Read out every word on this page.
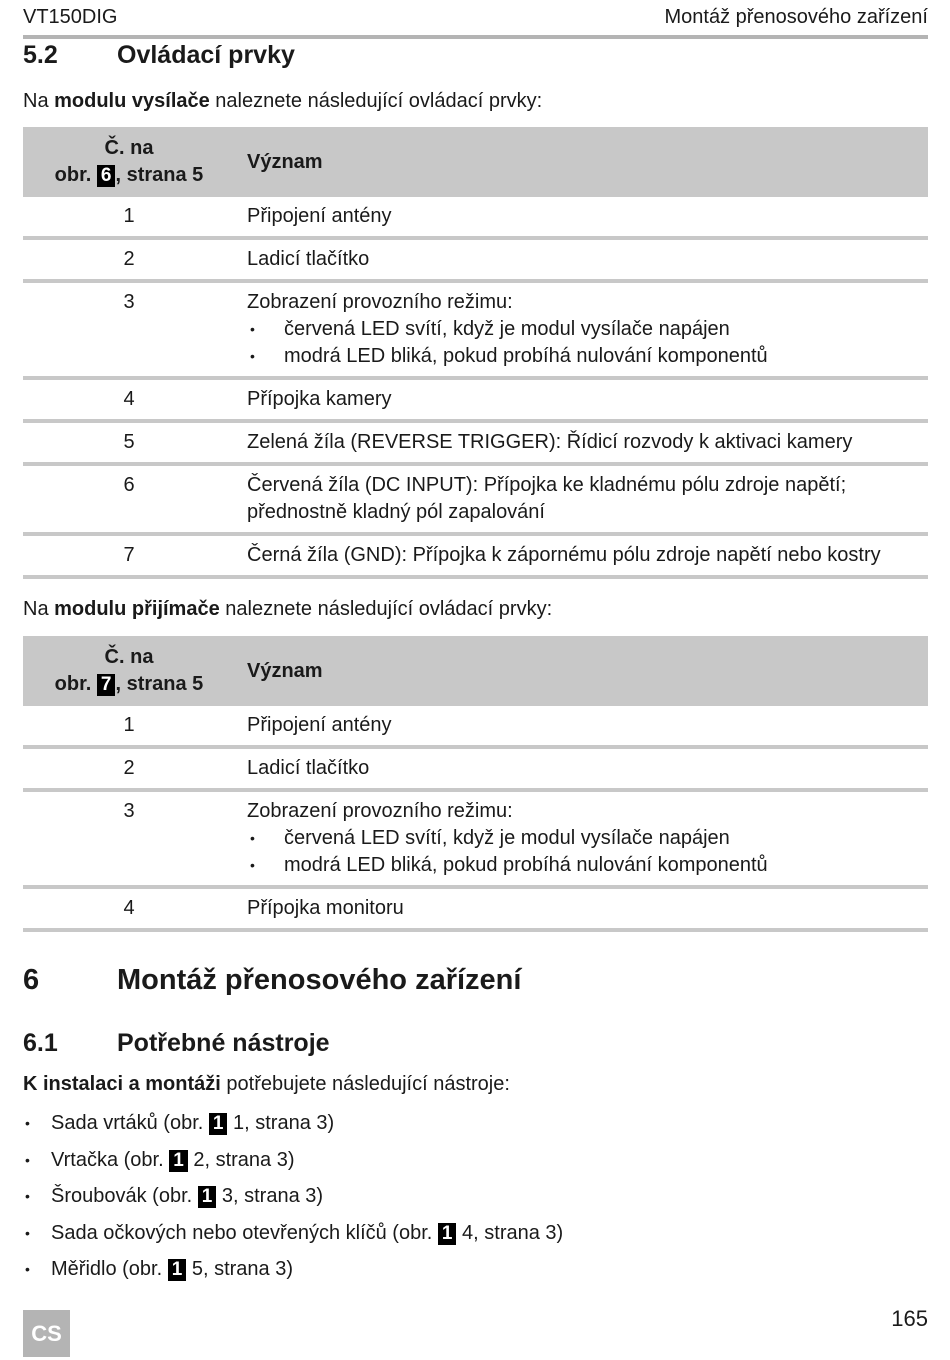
VT150DIG	Montáž přenosového zařízení
5.2 Ovládací prvky
Na modulu vysílače naleznete následující ovládací prvky:
Č. na
obr. 6 , strana 5	Význam
1	Připojení antény

2	Ladicí tlačítko

3	Zobrazení provozního režimu:
• červená LED svítí, když je modul vysílače napájen
• modrá LED bliká, pokud probíhá nulování komponentů

4	Přípojka kamery

5	Zelená žíla (REVERSE TRIGGER): Řídicí rozvody k aktivaci kamery

6	Červená žíla (DC INPUT): Přípojka ke kladnému pólu zdroje napětí;
přednostně kladný pól zapalování

7	Černá žíla (GND): Přípojka k zápornému pólu zdroje napětí nebo kostry
Na modulu přijímače naleznete následující ovládací prvky:
Č. na
obr. 7 , strana 5	Význam
1	Připojení antény

2	Ladicí tlačítko

3	Zobrazení provozního režimu:
• červená LED svítí, když je modul vysílače napájen
• modrá LED bliká, pokud probíhá nulování komponentů

4	Přípojka monitoru
6	Montáž přenosového zařízení
6.1 Potřebné nástroje
K instalaci a montáži potřebujete následující nástroje:
• Sada vrtáků (obr. 1 1, strana 3)
• Vrtačka (obr. 1 2, strana 3)
• Šroubovák (obr. 1 3, strana 3)
• Sada očkových nebo otevřených klíčů (obr. 1 4, strana 3)
• Měřidlo (obr. 1 5, strana 3)
CS
165
